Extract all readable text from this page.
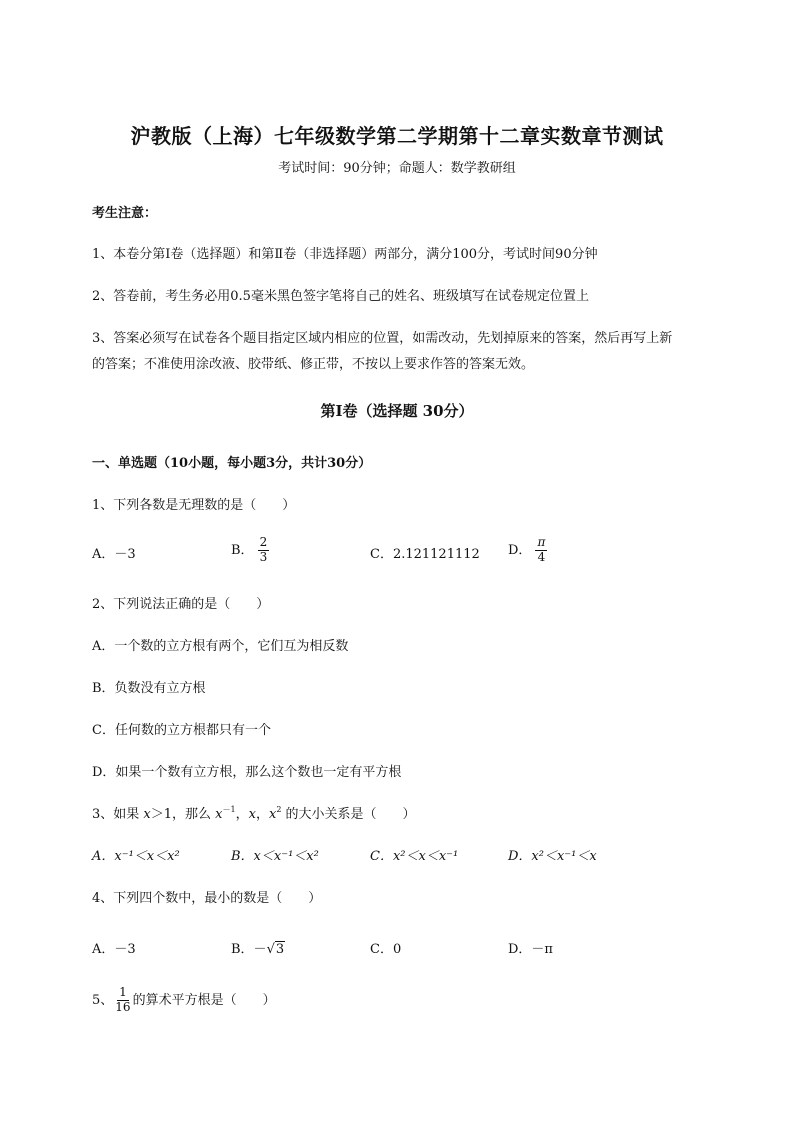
沪教版（上海）七年级数学第二学期第十二章实数章节测试
考试时间：90分钟；命题人：数学教研组
考生注意：
1、本卷分第Ⅰ卷（选择题）和第Ⅱ卷（非选择题）两部分，满分100分，考试时间90分钟
2、答卷前，考生务必用0.5毫米黑色签字笔将自己的姓名、班级填写在试卷规定位置上
3、答案必须写在试卷各个题目指定区域内相应的位置，如需改动，先划掉原来的答案，然后再写上新
的答案；不准使用涂改液、胶带纸、修正带，不按以上要求作答的答案无效。
第Ⅰ卷（选择题 30分）
一、单选题（10小题，每小题3分，共计30分）
1、下列各数是无理数的是（　　）
A．－3	B． $\frac{2}{3}$	C．2.121121112 D． $\frac{\pi}{4}$
2、下列说法正确的是（　　）
A．一个数的立方根有两个，它们互为相反数
B．负数没有立方根
C．任何数的立方根都只有一个
D．如果一个数有立方根，那么这个数也一定有平方根
3、如果 x＞1，那么 $x^{-1}$，x，$x^2$ 的大小关系是（　　）
A．x⁻¹＜x＜x²	B．x＜x⁻¹＜x²	C．x²＜x＜x⁻¹	D．x²＜x⁻¹＜x
4、下列四个数中，最小的数是（　　）
A．－3	B．－√3	C．0	D．－π
5、 $\frac{1}{16}$ 的算术平方根是（　　）
